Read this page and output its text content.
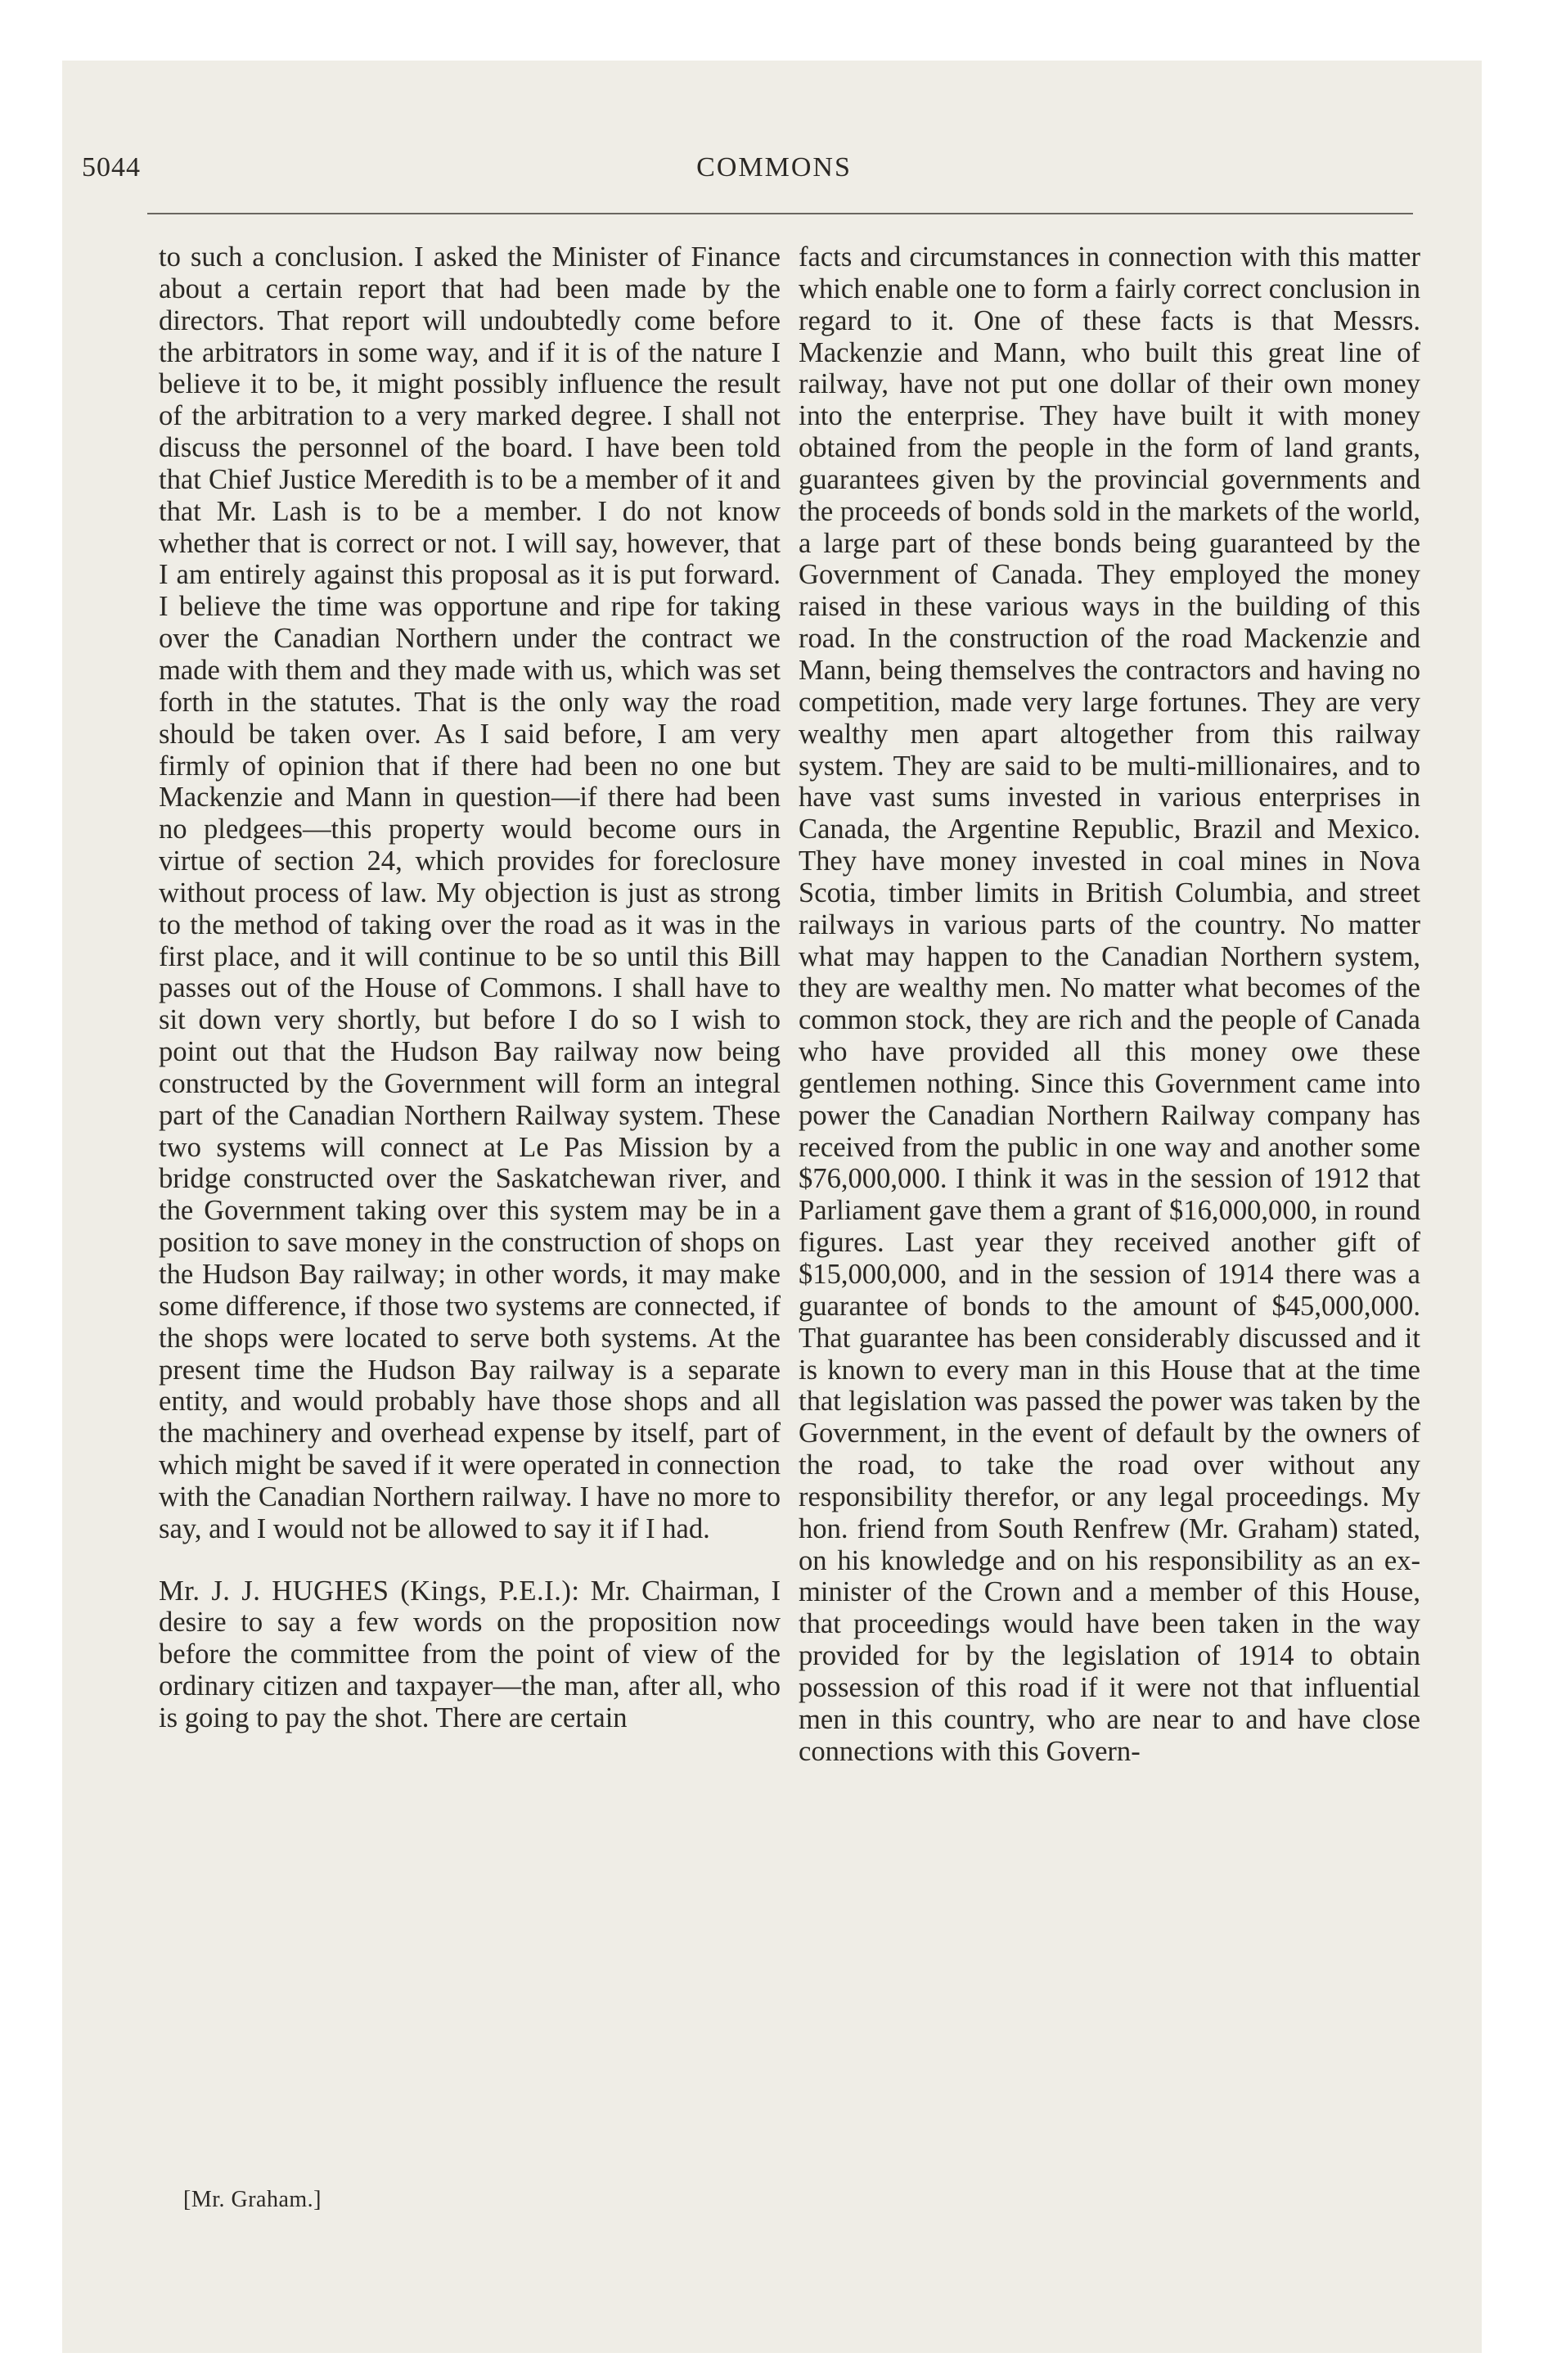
5044	COMMONS

to such a conclusion. I asked the Minister of Finance about a certain report that had been made by the directors. That report will undoubtedly come before the arbitrators in some way, and if it is of the nature I believe it to be, it might possibly influence the result of the arbitration to a very marked degree. I shall not discuss the personnel of the board. I have been told that Chief Justice Meredith is to be a member of it and that Mr. Lash is to be a member. I do not know whether that is correct or not. I will say, however, that I am entirely against this proposal as it is put forward. I believe the time was opportune and ripe for taking over the Canadian Northern under the contract we made with them and they made with us, which was set forth in the statutes. That is the only way the road should be taken over. As I said before, I am very firmly of opinion that if there had been no one but Mackenzie and Mann in question—if there had been no pledgees—this property would become ours in virtue of section 24, which provides for foreclosure without process of law. My objection is just as strong to the method of taking over the road as it was in the first place, and it will continue to be so until this Bill passes out of the House of Commons. I shall have to sit down very shortly, but before I do so I wish to point out that the Hudson Bay railway now being constructed by the Government will form an integral part of the Canadian Northern Railway system. These two systems will connect at Le Pas Mission by a bridge constructed over the Saskatchewan river, and the Government taking over this system may be in a position to save money in the construction of shops on the Hudson Bay railway; in other words, it may make some difference, if those two systems are connected, if the shops were located to serve both systems. At the present time the Hudson Bay railway is a separate entity, and would probably have those shops and all the machinery and overhead expense by itself, part of which might be saved if it were operated in connection with the Canadian Northern railway. I have no more to say, and I would not be allowed to say it if I had.

Mr. J. J. HUGHES (Kings, P.E.I.): Mr. Chairman, I desire to say a few words on the proposition now before the committee from the point of view of the ordinary citizen and taxpayer—the man, after all, who is going to pay the shot. There are certain

facts and circumstances in connection with this matter which enable one to form a fairly correct conclusion in regard to it. One of these facts is that Messrs. Mackenzie and Mann, who built this great line of railway, have not put one dollar of their own money into the enterprise. They have built it with money obtained from the people in the form of land grants, guarantees given by the provincial governments and the proceeds of bonds sold in the markets of the world, a large part of these bonds being guaranteed by the Government of Canada. They employed the money raised in these various ways in the building of this road. In the construction of the road Mackenzie and Mann, being themselves the contractors and having no competition, made very large fortunes. They are very wealthy men apart altogether from this railway system. They are said to be multi-millionaires, and to have vast sums invested in various enterprises in Canada, the Argentine Republic, Brazil and Mexico. They have money invested in coal mines in Nova Scotia, timber limits in British Columbia, and street railways in various parts of the country. No matter what may happen to the Canadian Northern system, they are wealthy men. No matter what becomes of the common stock, they are rich and the people of Canada who have provided all this money owe these gentlemen nothing. Since this Government came into power the Canadian Northern Railway company has received from the public in one way and another some $76,000,000. I think it was in the session of 1912 that Parliament gave them a grant of $16,000,000, in round figures. Last year they received another gift of $15,000,000, and in the session of 1914 there was a guarantee of bonds to the amount of $45,000,000. That guarantee has been considerably discussed and it is known to every man in this House that at the time that legislation was passed the power was taken by the Government, in the event of default by the owners of the road, to take the road over without any responsibility therefor, or any legal proceedings. My hon. friend from South Renfrew (Mr. Graham) stated, on his knowledge and on his responsibility as an ex-minister of the Crown and a member of this House, that proceedings would have been taken in the way provided for by the legislation of 1914 to obtain possession of this road if it were not that influential men in this country, who are near to and have close connections with this Govern-

[Mr. Graham.]
